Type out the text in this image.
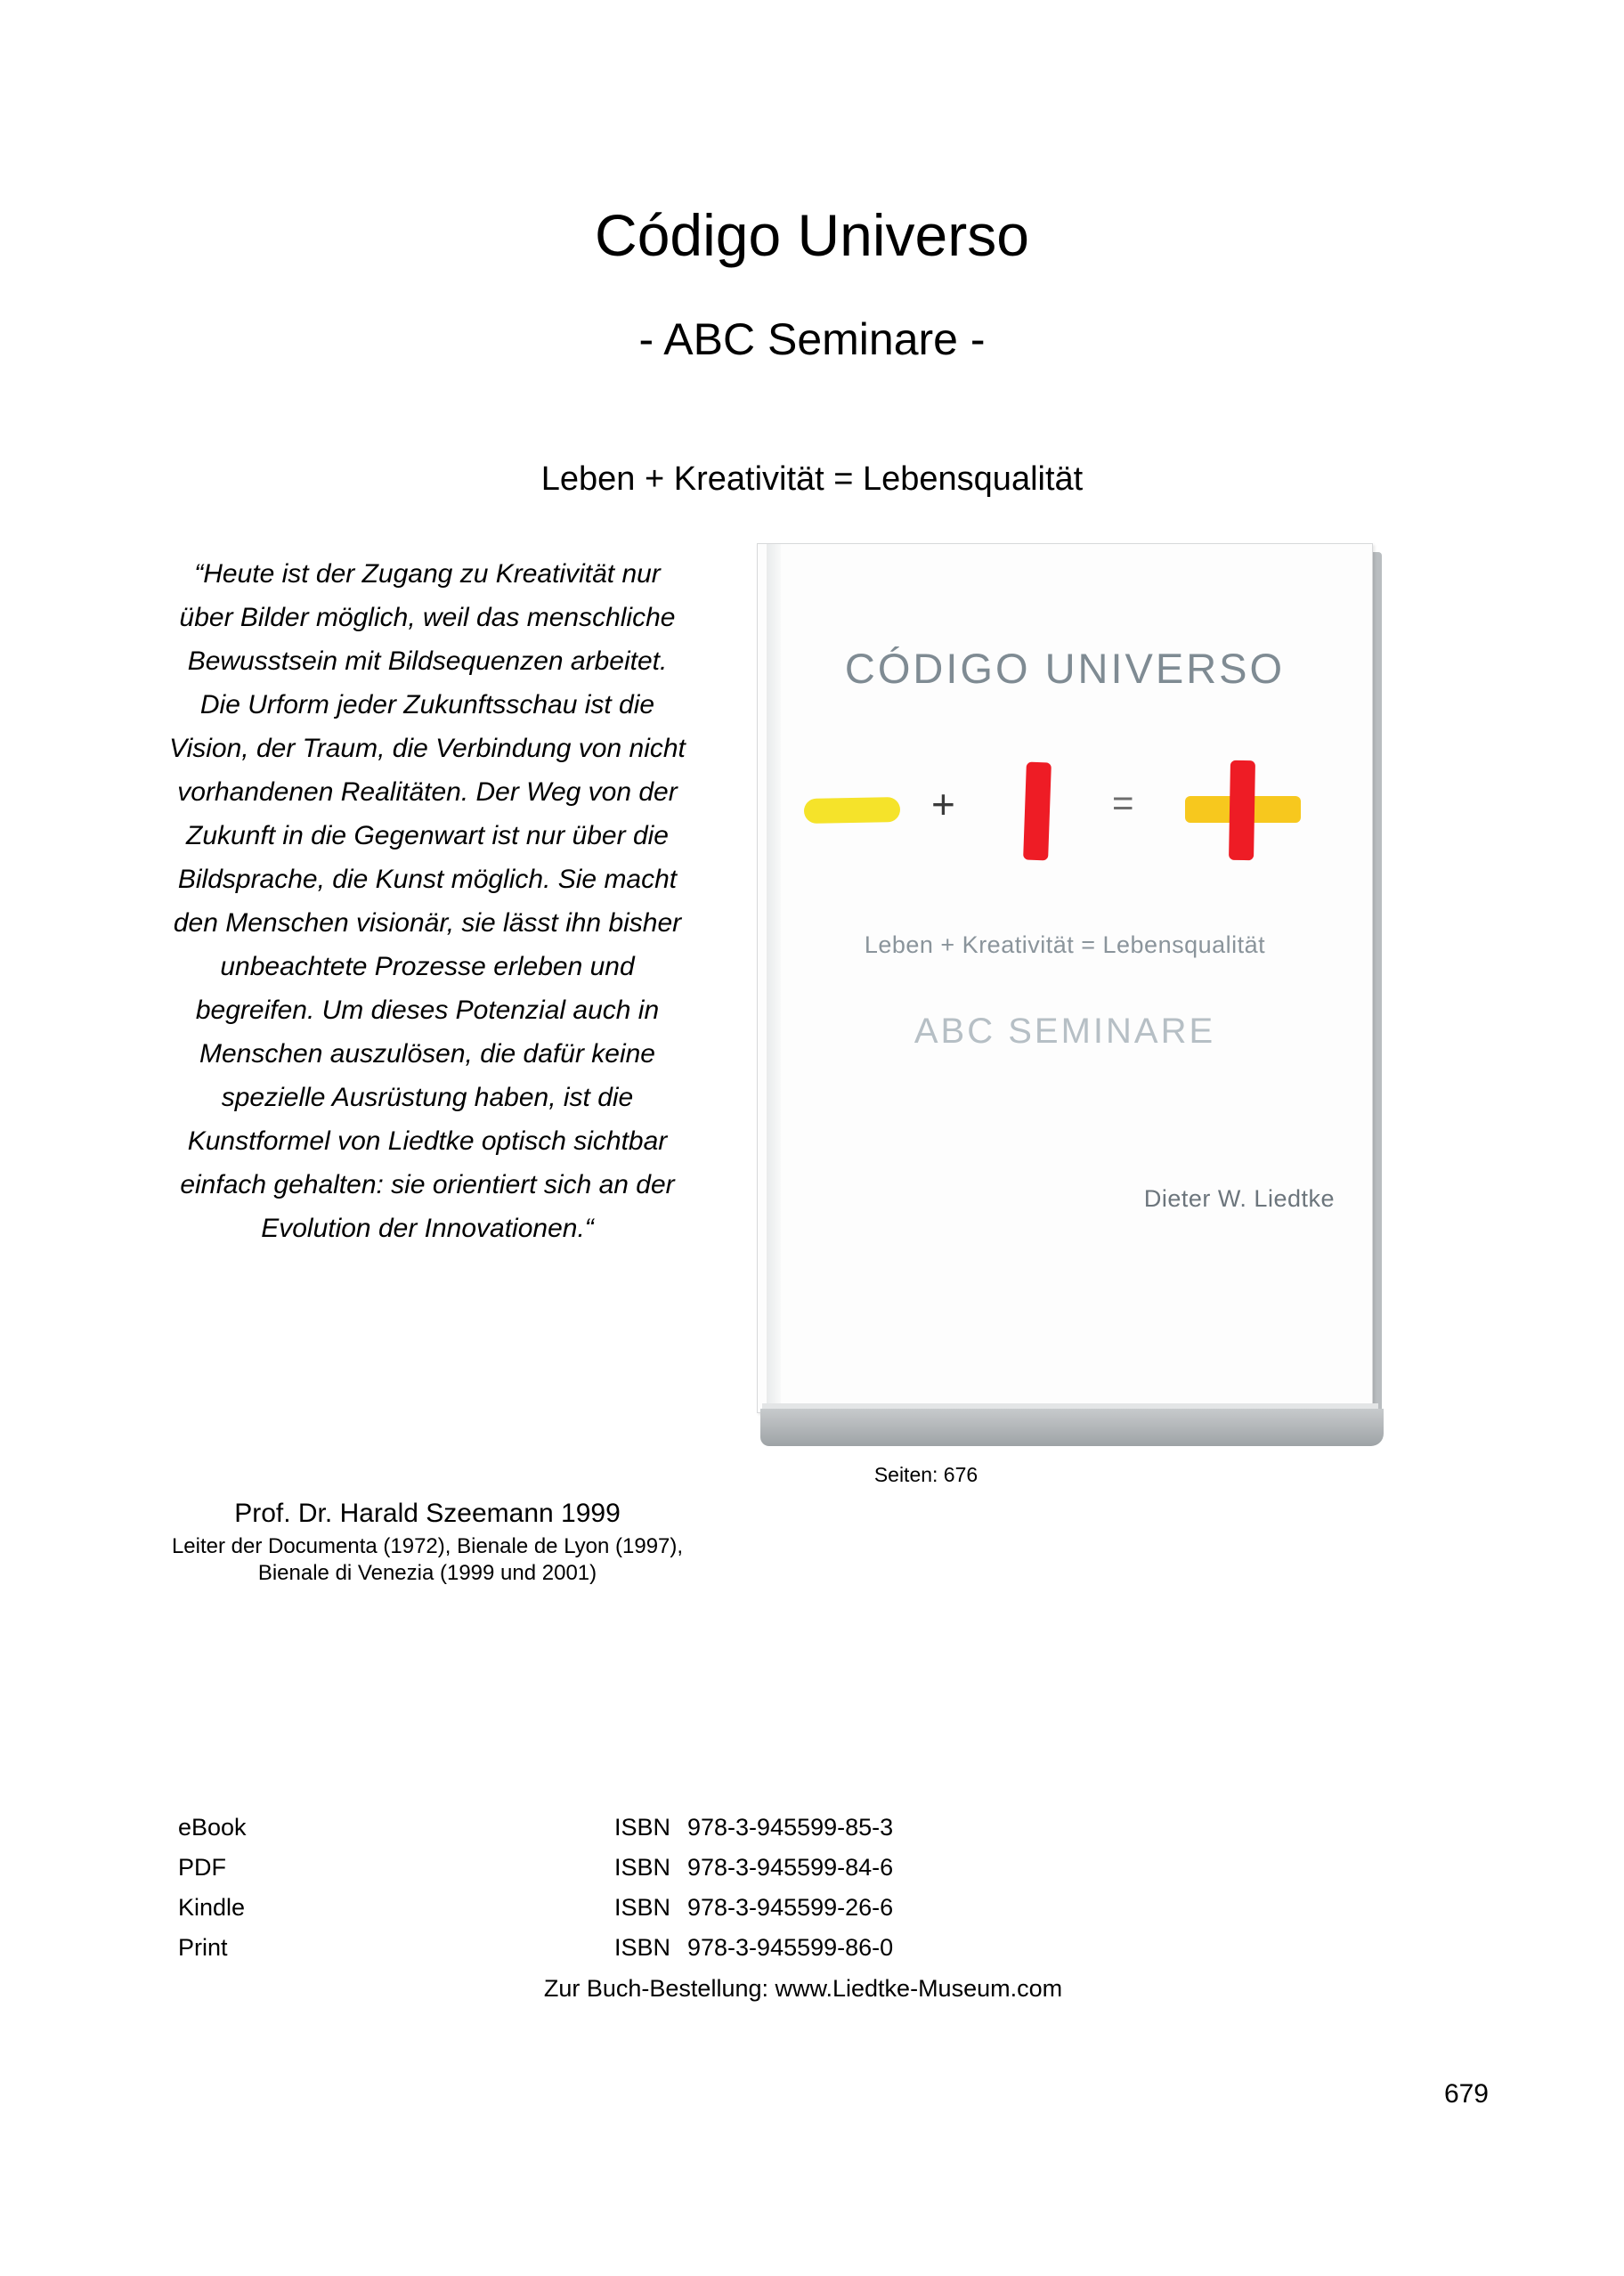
Código Universo
- ABC Seminare -
Leben + Kreativität = Lebensqualität
“Heute ist der Zugang zu Kreativität nur über Bilder möglich, weil das menschliche Bewusstsein mit Bildsequenzen arbeitet. Die Urform jeder Zukunftsschau ist die Vision, der Traum, die Verbindung von nicht vorhandenen Realitäten. Der Weg von der Zukunft in die Gegenwart ist nur über die Bildsprache, die Kunst möglich. Sie macht den Menschen visionär, sie lässt ihn bisher unbeachtete Prozesse erleben und begreifen. Um dieses Potenzial auch in Menschen auszulösen, die dafür keine spezielle Ausrüstung haben, ist die Kunstformel von Liedtke optisch sichtbar einfach gehalten: sie orientiert sich an der Evolution der Innovationen.“
Prof. Dr. Harald Szeemann 1999
Leiter der Documenta (1972), Bienale de Lyon (1997), Bienale di Venezia (1999 und 2001)
CÓDIGO UNIVERSO
+	=
Leben + Kreativität = Lebensqualität
ABC SEMINARE
Dieter W. Liedtke
Seiten: 676
eBook	ISBN	978-3-945599-85-3
PDF	ISBN	978-3-945599-84-6
Kindle	ISBN	978-3-945599-26-6
Print	ISBN	978-3-945599-86-0
Zur Buch-Bestellung: www.Liedtke-Museum.com
679
